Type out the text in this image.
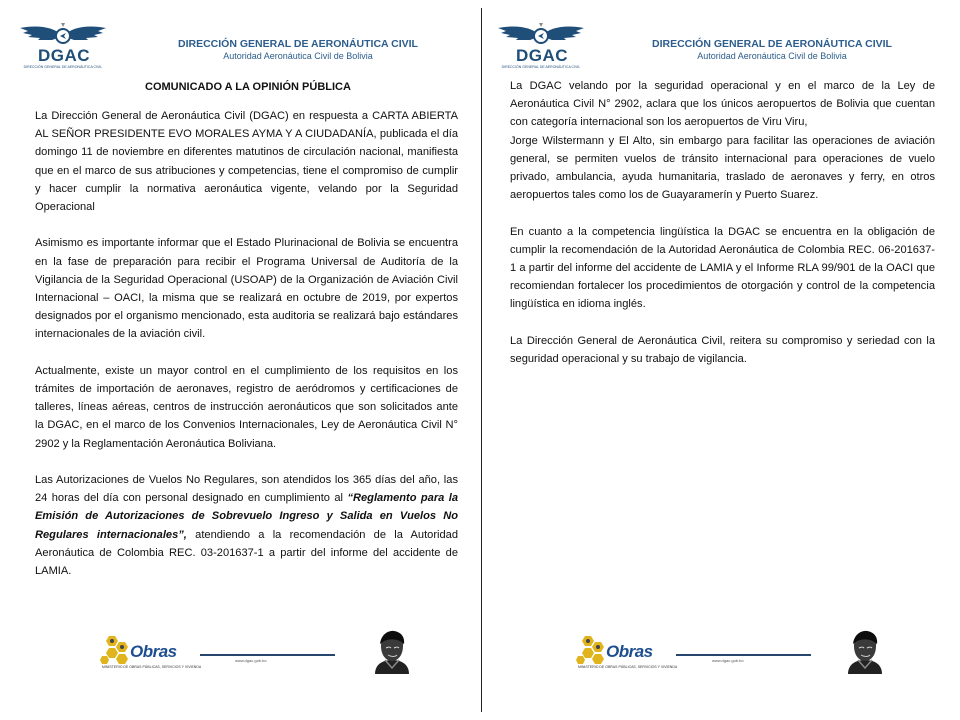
DGAC
DIRECCIÓN GENERAL DE AERONÁUTICA CIVIL
DIRECCIÓN GENERAL DE AERONÁUTICA CIVIL
Autoridad Aeronáutica Civil de Bolivia
COMUNICADO A LA OPINIÓN PÚBLICA

La Dirección General de Aeronáutica Civil (DGAC) en respuesta a CARTA ABIERTA AL SEÑOR PRESIDENTE EVO MORALES AYMA Y A CIUDADANÍA, publicada el día domingo 11 de noviembre en diferentes matutinos de circulación nacional, manifiesta que en el marco de sus atribuciones y competencias, tiene el compromiso de cumplir y hacer cumplir la normativa aeronáutica vigente, velando por la Seguridad Operacional

Asimismo es importante informar que el Estado Plurinacional de Bolivia se encuentra en la fase de preparación para recibir el Programa Universal de Auditoría de la Vigilancia de la Seguridad Operacional (USOAP) de la Organización de Aviación Civil Internacional – OACI, la misma que se realizará en octubre de 2019, por expertos designados por el organismo mencionado, esta auditoria se realizará bajo estándares internacionales de la aviación civil.

Actualmente, existe un mayor control en el cumplimiento de los requisitos en los trámites de importación de aeronaves, registro de aeródromos y certificaciones de talleres, líneas aéreas, centros de instrucción aeronáuticos que son solicitados ante la DGAC, en el marco de los Convenios Internacionales, Ley de Aeronáutica Civil N° 2902 y la Reglamentación Aeronáutica Boliviana.

Las Autorizaciones de Vuelos No Regulares, son atendidos los 365 días del año, las 24 horas del día con personal designado en cumplimiento al “Reglamento para la Emisión de Autorizaciones de Sobrevuelo Ingreso y Salida en Vuelos No Regulares internacionales”, atendiendo a la recomendación de la Autoridad Aeronáutica de Colombia REC. 03-201637-1 a partir del informe del accidente de LAMIA.

Obras
MINISTERIO DE OBRAS PÚBLICAS, SERVICIOS Y VIVIENDA
www.dgac.gob.bo
DGAC
DIRECCIÓN GENERAL DE AERONÁUTICA CIVIL
DIRECCIÓN GENERAL DE AERONÁUTICA CIVIL
Autoridad Aeronáutica Civil de Bolivia

La DGAC velando por la seguridad operacional y en el marco de la Ley de Aeronáutica Civil N° 2902, aclara que los únicos aeropuertos de Bolivia que cuentan con categoría internacional son los aeropuertos de Viru Viru,

Jorge Wilstermann y El Alto, sin embargo para facilitar las operaciones de aviación general, se permiten vuelos de tránsito internacional para operaciones de vuelo privado, ambulancia, ayuda humanitaria, traslado de aeronaves y ferry, en otros aeropuertos tales como los de Guayaramerín y Puerto Suarez.

En cuanto a la competencia lingüística la DGAC se encuentra en la obligación de cumplir la recomendación de la Autoridad Aeronáutica de Colombia REC. 06-201637-1 a partir del informe del accidente de LAMIA y el Informe RLA 99/901 de la OACI que recomiendan fortalecer los procedimientos de otorgación y control de la competencia lingüística en idioma inglés.

La Dirección General de Aeronáutica Civil, reitera su compromiso y seriedad con la seguridad operacional y su trabajo de vigilancia.

Obras
MINISTERIO DE OBRAS PÚBLICAS, SERVICIOS Y VIVIENDA
www.dgac.gob.bo
